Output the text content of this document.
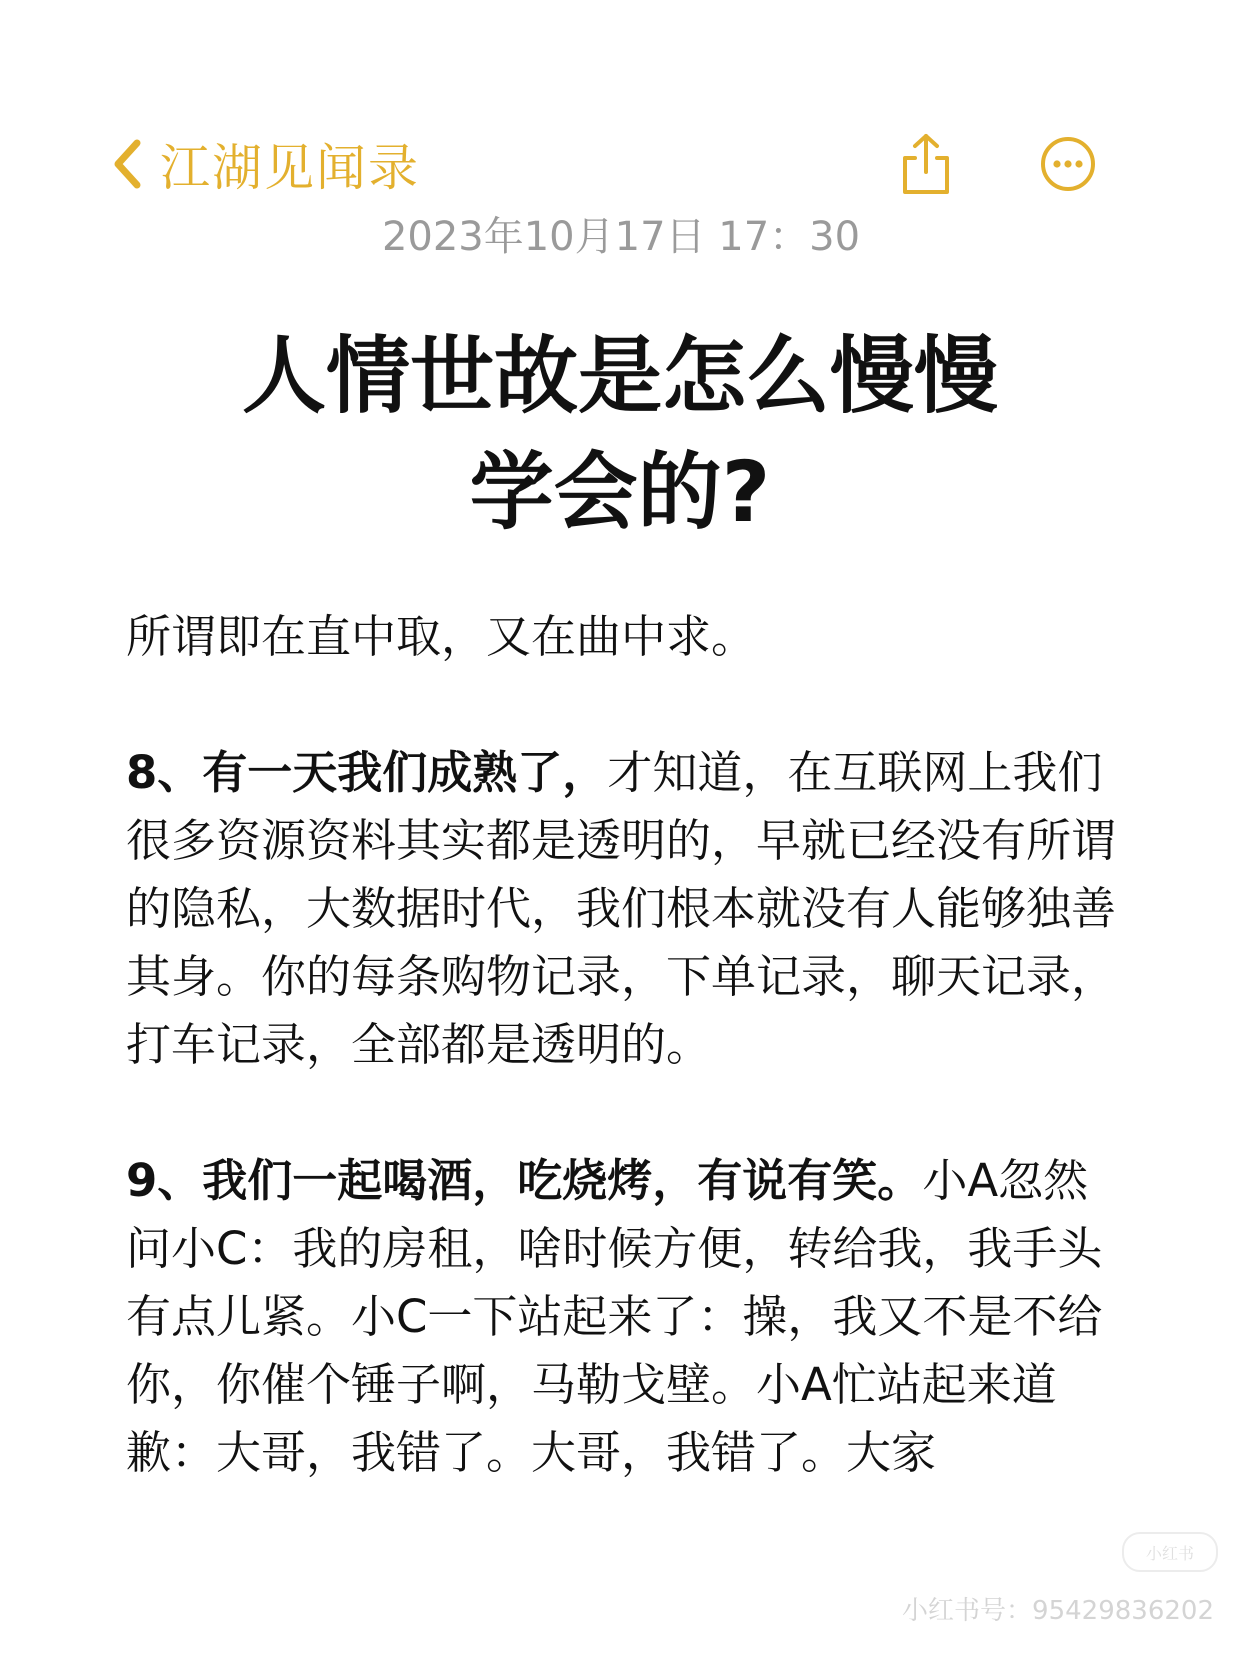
江湖见闻录
2023年10月17日 17：30
人情世故是怎么慢慢
学会的?

所谓即在直中取，又在曲中求。

8、有一天我们成熟了，才知道，在互联网上我们很多资源资料其实都是透明的，早就已经没有所谓的隐私，大数据时代，我们根本就没有人能够独善其身。你的每条购物记录，下单记录，聊天记录，打车记录，全部都是透明的。

9、我们一起喝酒，吃烧烤，有说有笑。小A忽然问小C：我的房租，啥时候方便，转给我，我手头有点儿紧。小C一下站起来了：操，我又不是不给你，你催个锤子啊，马勒戈壁。小A忙站起来道歉：大哥，我错了。大哥，我错了。大家

小红书
小红书号：95429836202
